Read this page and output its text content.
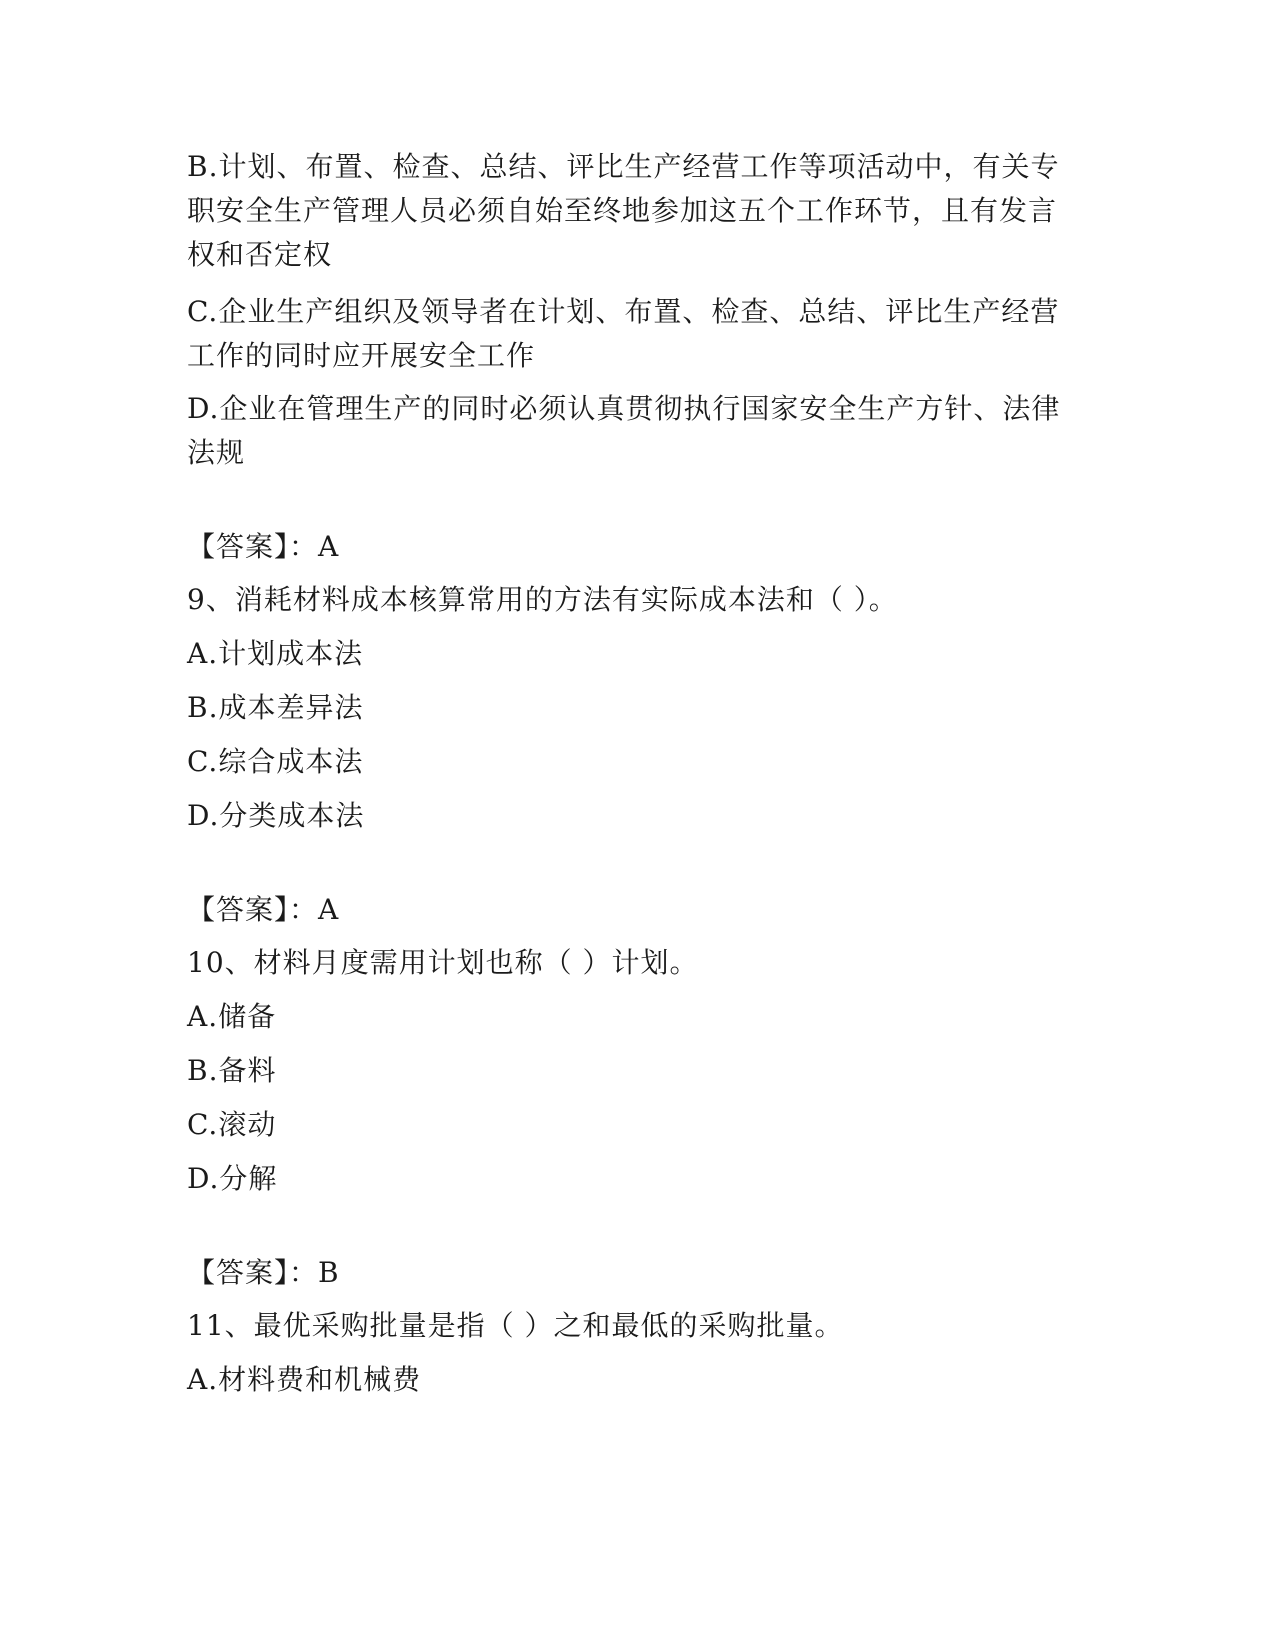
B.计划、布置、检查、总结、评比生产经营工作等项活动中，有关专
职安全生产管理人员必须自始至终地参加这五个工作环节，且有发言
权和否定权
C.企业生产组织及领导者在计划、布置、检查、总结、评比生产经营
工作的同时应开展安全工作
D.企业在管理生产的同时必须认真贯彻执行国家安全生产方针、法律
法规
【答案】：A
9、消耗材料成本核算常用的方法有实际成本法和（ ）。
A.计划成本法
B.成本差异法
C.综合成本法
D.分类成本法
【答案】：A
10、材料月度需用计划也称（ ）计划。
A.储备
B.备料
C.滚动
D.分解
【答案】：B
11、最优采购批量是指（ ）之和最低的采购批量。
A.材料费和机械费
